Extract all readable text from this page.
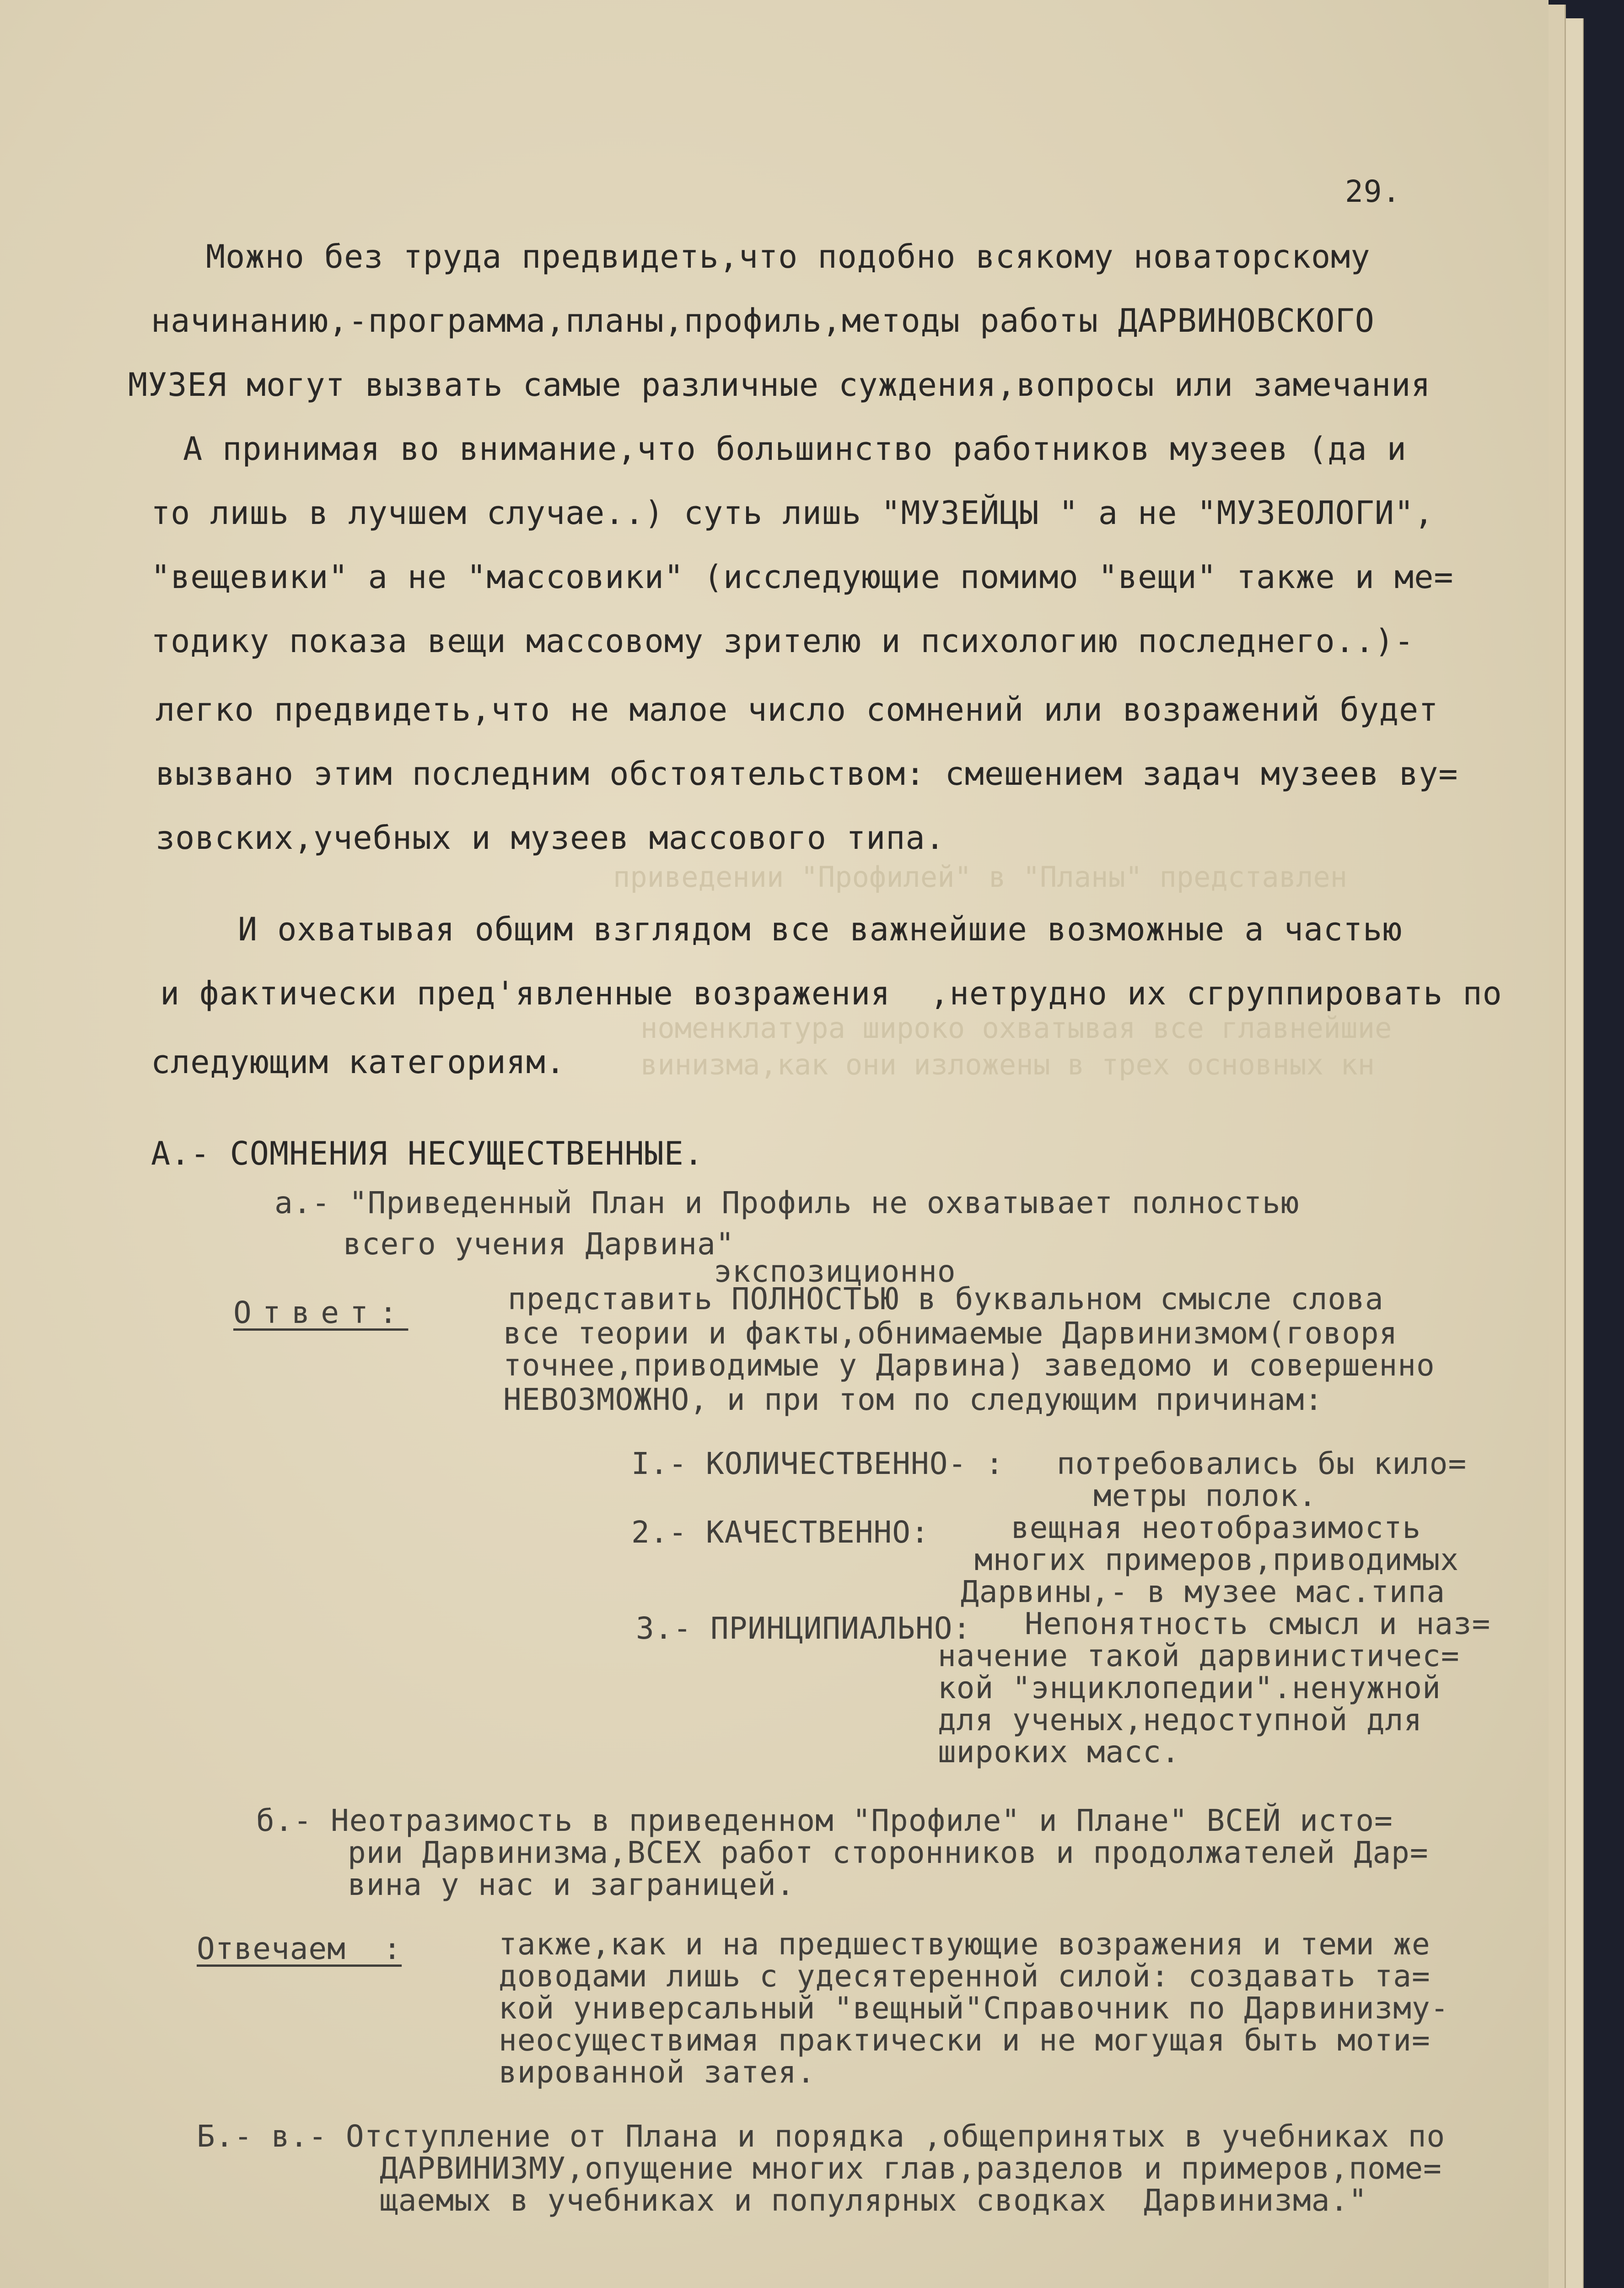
приведении "Профилей" в "Планы" представлен
номенклатура широко охватывая все главнейшие
винизма,как они изложены в трех основных кн
29.
Можно без труда предвидеть,что подобно всякому новаторскому
начинанию,-программа,планы,профиль,методы работы ДАРВИНОВСКОГО
МУЗЕЯ могут вызвать самые различные суждения,вопросы или замечания
А принимая во внимание,что большинство работников музеев (да и
то лишь в лучшем случае..) суть лишь "МУЗЕЙЦЫ " а не "МУЗЕОЛОГИ",
"вещевики" а не "массовики" (исследующие помимо "вещи" также и ме=
тодику показа вещи массовому зрителю и психологию последнего..)-
легко предвидеть,что не малое число сомнений или возражений будет
вызвано этим последним обстоятельством: смешением задач музеев ву=
зовских,учебных и музеев массового типа.
И охватывая общим взглядом все важнейшие возможные а частью
и фактически пред'явленные возражения  ,нетрудно их сгруппировать по
следующим категориям.
А.- СОМНЕНИЯ НЕСУЩЕСТВЕННЫЕ.
а.- "Приведенный План и Профиль не охватывает полностью
всего учения Дарвина"
экспозиционно
Ответ:	представить ПОЛНОСТЬЮ в буквальном смысле слова
все теории и факты,обнимаемые Дарвинизмом(говоря
точнее,приводимые у Дарвина) заведомо и совершенно
НЕВОЗМОЖНО, и при том по следующим причинам:
I.- КОЛИЧЕСТВЕННО- : потребовались бы кило=
метры полок.
2.- КАЧЕСТВЕННО:	вещная неотобразимость
многих примеров,приводимых
Дарвины,- в музее мас.типа
3.- ПРИНЦИПИАЛЬНО: Непонятность смысл и наз=
начение такой дарвинистичес=
кой "энциклопедии".ненужной
для ученых,недоступной для
широких масс.
б.- Неотразимость в приведенном "Профиле" и Плане" ВСЕЙ исто=
рии Дарвинизма,ВСЕХ работ сторонников и продолжателей Дар=
вина у нас и заграницей.
Отвечаем  :	также,как и на предшествующие возражения и теми же
доводами лишь с удесятеренной силой: создавать та=
кой универсальный "вещный"Справочник по Дарвинизму-
неосуществимая практически и не могущая быть моти=
вированной затея.
Б.- в.- Отступление от Плана и порядка ,общепринятых в учебниках по
ДАРВИНИЗМУ,опущение многих глав,разделов и примеров,поме=
щаемых в учебниках и популярных сводках  Дарвинизма."
